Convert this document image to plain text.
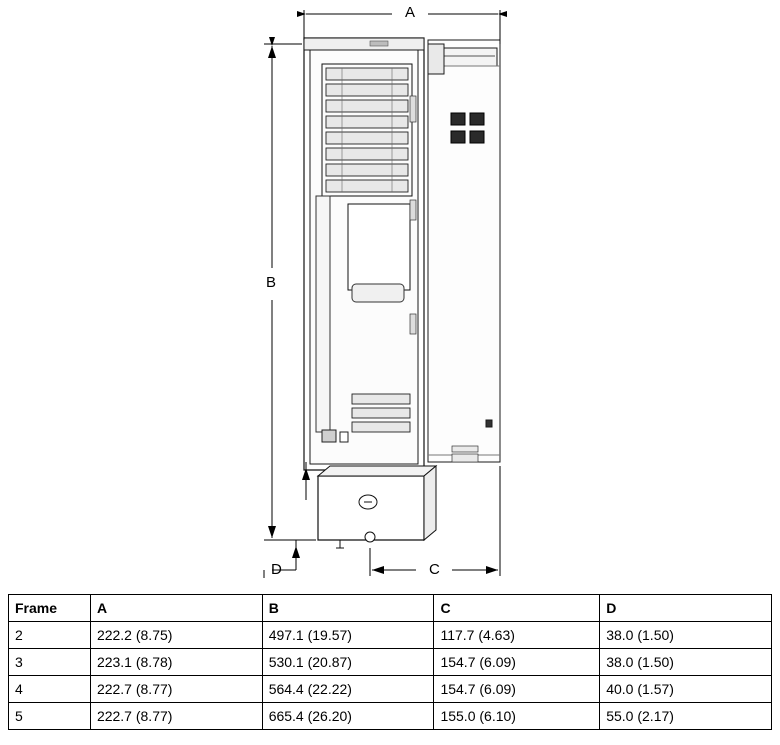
A
B
C
D
Frame	A	B	C	D
2	222.2 (8.75)	497.1 (19.57)	117.7 (4.63)	38.0 (1.50)
3	223.1 (8.78)	530.1 (20.87)	154.7 (6.09)	38.0 (1.50)
4	222.7 (8.77)	564.4 (22.22)	154.7 (6.09)	40.0 (1.57)
5	222.7 (8.77)	665.4 (26.20)	155.0 (6.10)	55.0 (2.17)
